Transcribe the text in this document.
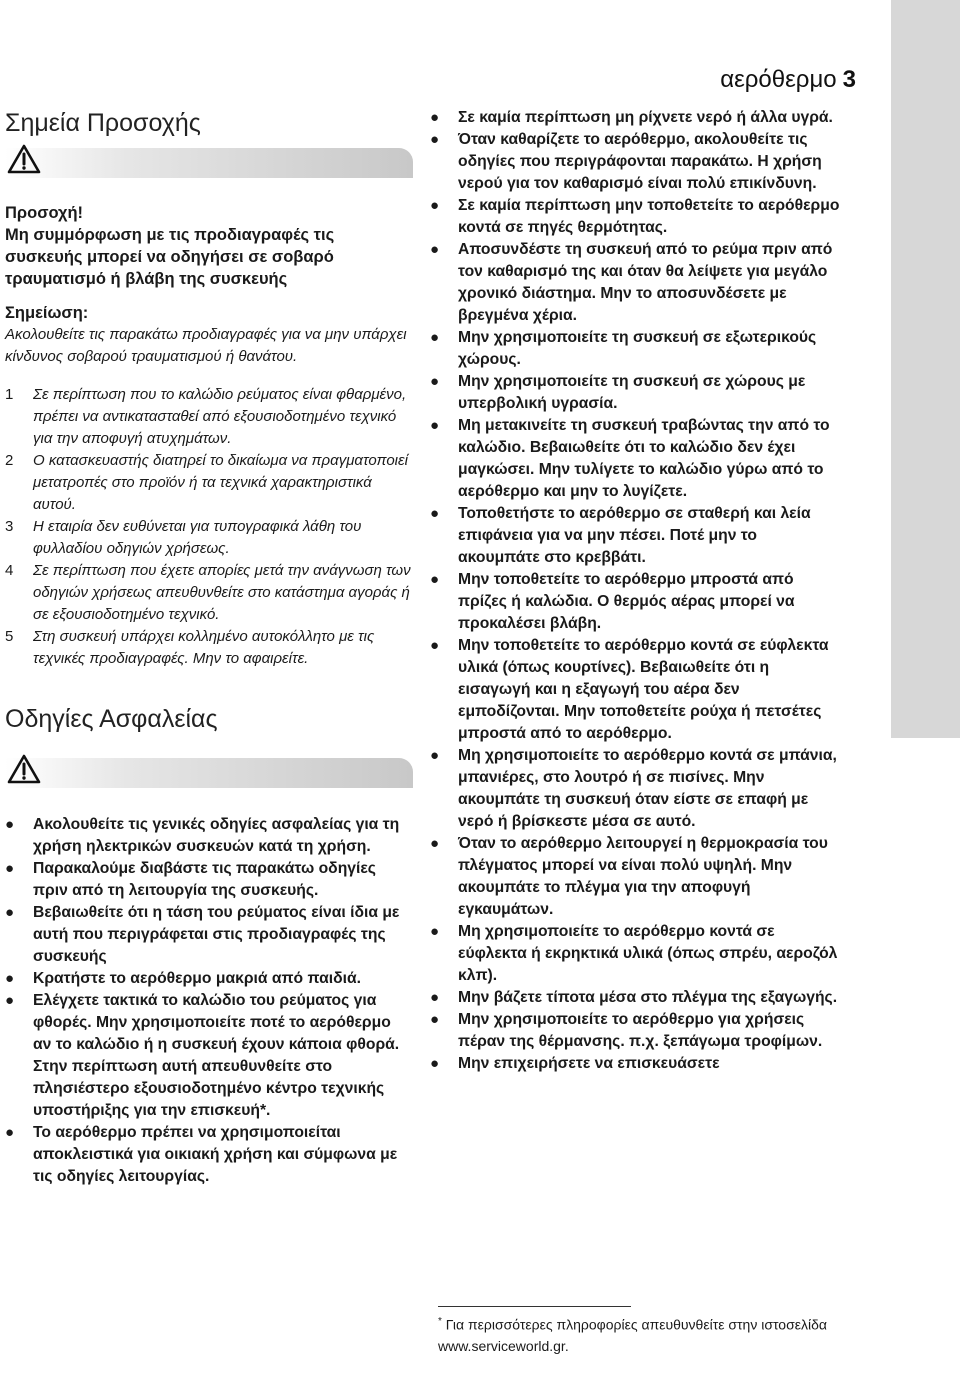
αερόθερμο 3
Σημεία Προσοχής
Προσοχή!
Μη συμμόρφωση με τις προδιαγραφές τις συσκευής μπορεί να οδηγήσει σε σοβαρό τραυματισμό ή βλάβη της συσκευής
Σημείωση:
Ακολουθείτε τις παρακάτω προδιαγραφές για να μην υπάρχει κίνδυνος σοβαρού τραυματισμού ή θανάτου.
1	Σε περίπτωση που το καλώδιο ρεύματος είναι φθαρμένο, πρέπει να αντικατασταθεί από εξουσιοδοτημένο τεχνικό για την αποφυγή ατυχημάτων.
2	Ο κατασκευαστής διατηρεί το δικαίωμα να πραγματοποιεί μετατροπές στο προϊόν ή τα τεχνικά χαρακτηριστικά αυτού.
3	Η εταιρία δεν ευθύνεται για τυπογραφικά λάθη του φυλλαδίου οδηγιών χρήσεως.
4	Σε περίπτωση που έχετε απορίες μετά την ανάγνωση των οδηγιών χρήσεως απευθυνθείτε στο κατάστημα αγοράς ή σε εξουσιοδοτημένο τεχνικό.
5	Στη συσκευή υπάρχει κολλημένο αυτοκόλλητο με τις τεχνικές προδιαγραφές. Μην το αφαιρείτε.
Οδηγίες Ασφαλείας
●	Ακολουθείτε τις γενικές οδηγίες ασφαλείας για τη χρήση ηλεκτρικών συσκευών κατά τη χρήση.
●	Παρακαλούμε διαβάστε τις παρακάτω οδηγίες πριν από τη λειτουργία της συσκευής.
●	Βεβαιωθείτε ότι η τάση του ρεύματος είναι ίδια με αυτή που περιγράφεται στις προδιαγραφές της συσκευής
●	Κρατήστε το αερόθερμο μακριά από παιδιά.
●	Ελέγχετε τακτικά το καλώδιο του ρεύματος για φθορές. Μην χρησιμοποιείτε ποτέ το αερόθερμο αν το καλώδιο ή η συσκευή έχουν κάποια φθορά. Στην περίπτωση αυτή απευθυνθείτε στο πλησιέστερο εξουσιοδοτημένο κέντρο τεχνικής υποστήριξης για την επισκευή*.
●	Το αερόθερμο πρέπει να χρησιμοποιείται αποκλειστικά για οικιακή χρήση και σύμφωνα με τις οδηγίες λειτουργίας.
●	Σε καμία περίπτωση μη ρίχνετε νερό ή άλλα υγρά.
●	Όταν καθαρίζετε το αερόθερμο, ακολουθείτε τις οδηγίες που περιγράφονται παρακάτω. Η χρήση νερού για τον καθαρισμό είναι πολύ επικίνδυνη.
●	Σε καμία περίπτωση μην τοποθετείτε το αερόθερμο κοντά σε πηγές θερμότητας.
●	Αποσυνδέστε τη συσκευή από το ρεύμα πριν από τον καθαρισμό της και όταν θα λείψετε για μεγάλο χρονικό διάστημα. Μην το αποσυνδέσετε με βρεγμένα χέρια.
●	Μην χρησιμοποιείτε τη συσκευή σε εξωτερικούς χώρους.
●	Μην χρησιμοποιείτε τη συσκευή σε χώρους με υπερβολική υγρασία.
●	Μη μετακινείτε τη συσκευή τραβώντας την από το καλώδιο. Βεβαιωθείτε ότι το καλώδιο δεν έχει μαγκώσει. Μην τυλίγετε το καλώδιο γύρω από το αερόθερμο και μην το λυγίζετε.
●	Τοποθετήστε το αερόθερμο σε σταθερή και λεία επιφάνεια για να μην πέσει. Ποτέ μην το ακουμπάτε στο κρεββάτι.
●	Μην τοποθετείτε το αερόθερμο μπροστά από πρίζες ή καλώδια. Ο θερμός αέρας μπορεί να προκαλέσει βλάβη.
●	Μην τοποθετείτε το αερόθερμο κοντά σε εύφλεκτα υλικά (όπως κουρτίνες). Βεβαιωθείτε ότι η εισαγωγή και η εξαγωγή του αέρα δεν εμποδίζονται. Μην τοποθετείτε ρούχα ή πετσέτες μπροστά από το αερόθερμο.
●	Μη χρησιμοποιείτε το αερόθερμο κοντά σε μπάνια, μπανιέρες, στο λουτρό ή σε πισίνες. Μην ακουμπάτε τη συσκευή όταν είστε σε επαφή με νερό ή βρίσκεστε μέσα σε αυτό.
●	Όταν το αερόθερμο λειτουργεί η θερμοκρασία του πλέγματος μπορεί να είναι πολύ υψηλή. Μην ακουμπάτε το πλέγμα για την αποφυγή εγκαυμάτων.
●	Μη χρησιμοποιείτε το αερόθερμο κοντά σε εύφλεκτα ή εκρηκτικά υλικά (όπως σπρέυ, αεροζόλ κλπ).
●	Μην βάζετε τίποτα μέσα στο πλέγμα της εξαγωγής.
●	Μην χρησιμοποιείτε το αερόθερμο για χρήσεις πέραν της θέρμανσης. π.χ. ξεπάγωμα τροφίμων.
●	Μην επιχειρήσετε να επισκευάσετε
* Για περισσότερες πληροφορίες απευθυνθείτε στην ιστοσελίδα www.serviceworld.gr.
